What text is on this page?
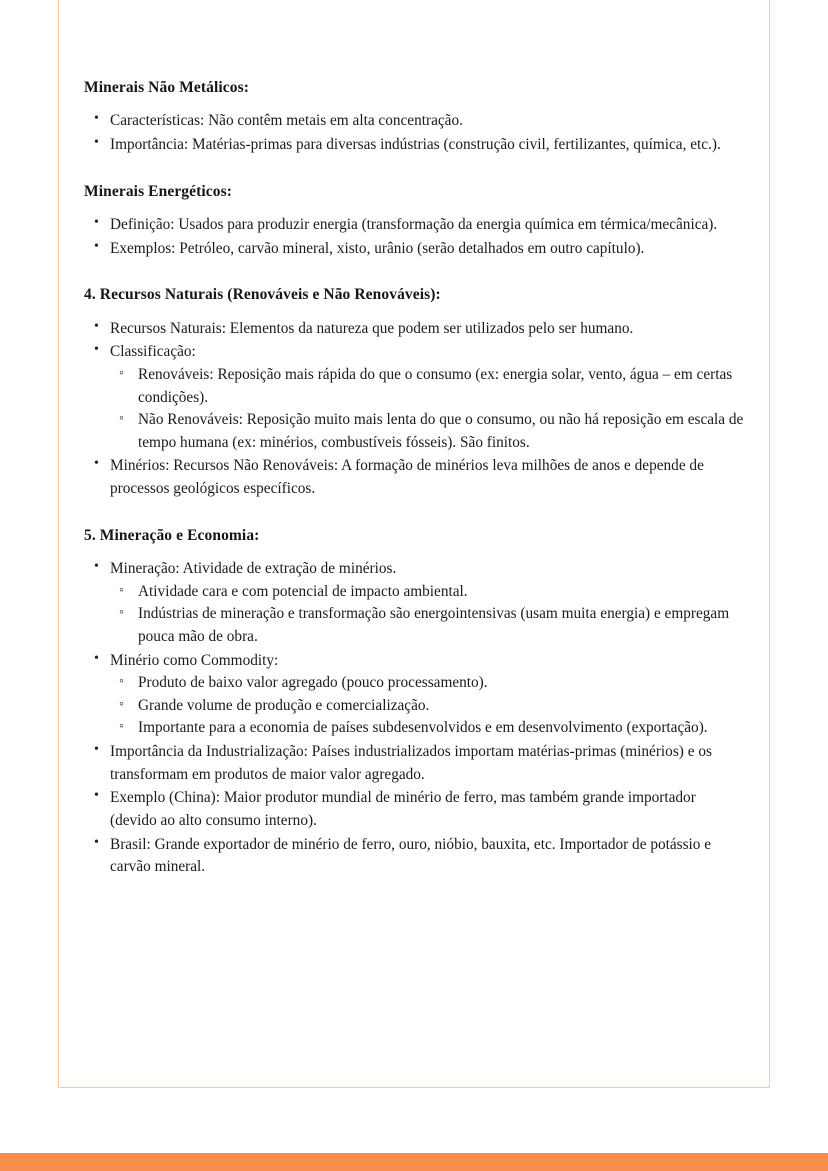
Minerais Não Metálicos:
• Características: Não contêm metais em alta concentração.
• Importância: Matérias-primas para diversas indústrias (construção civil, fertilizantes, química, etc.).
Minerais Energéticos:
• Definição: Usados para produzir energia (transformação da energia química em térmica/mecânica).
• Exemplos: Petróleo, carvão mineral, xisto, urânio (serão detalhados em outro capítulo).
4. Recursos Naturais (Renováveis e Não Renováveis):
• Recursos Naturais: Elementos da natureza que podem ser utilizados pelo ser humano.
• Classificação:
◦ Renováveis: Reposição mais rápida do que o consumo (ex: energia solar, vento, água – em certas condições).
◦ Não Renováveis: Reposição muito mais lenta do que o consumo, ou não há reposição em escala de tempo humana (ex: minérios, combustíveis fósseis). São finitos.
• Minérios: Recursos Não Renováveis: A formação de minérios leva milhões de anos e depende de processos geológicos específicos.
5. Mineração e Economia:
• Mineração: Atividade de extração de minérios.
◦ Atividade cara e com potencial de impacto ambiental.
◦ Indústrias de mineração e transformação são energointensivas (usam muita energia) e empregam pouca mão de obra.
• Minério como Commodity:
◦ Produto de baixo valor agregado (pouco processamento).
◦ Grande volume de produção e comercialização.
◦ Importante para a economia de países subdesenvolvidos e em desenvolvimento (exportação).
• Importância da Industrialização: Países industrializados importam matérias-primas (minérios) e os transformam em produtos de maior valor agregado.
• Exemplo (China): Maior produtor mundial de minério de ferro, mas também grande importador (devido ao alto consumo interno).
• Brasil: Grande exportador de minério de ferro, ouro, nióbio, bauxita, etc. Importador de potássio e carvão mineral.
